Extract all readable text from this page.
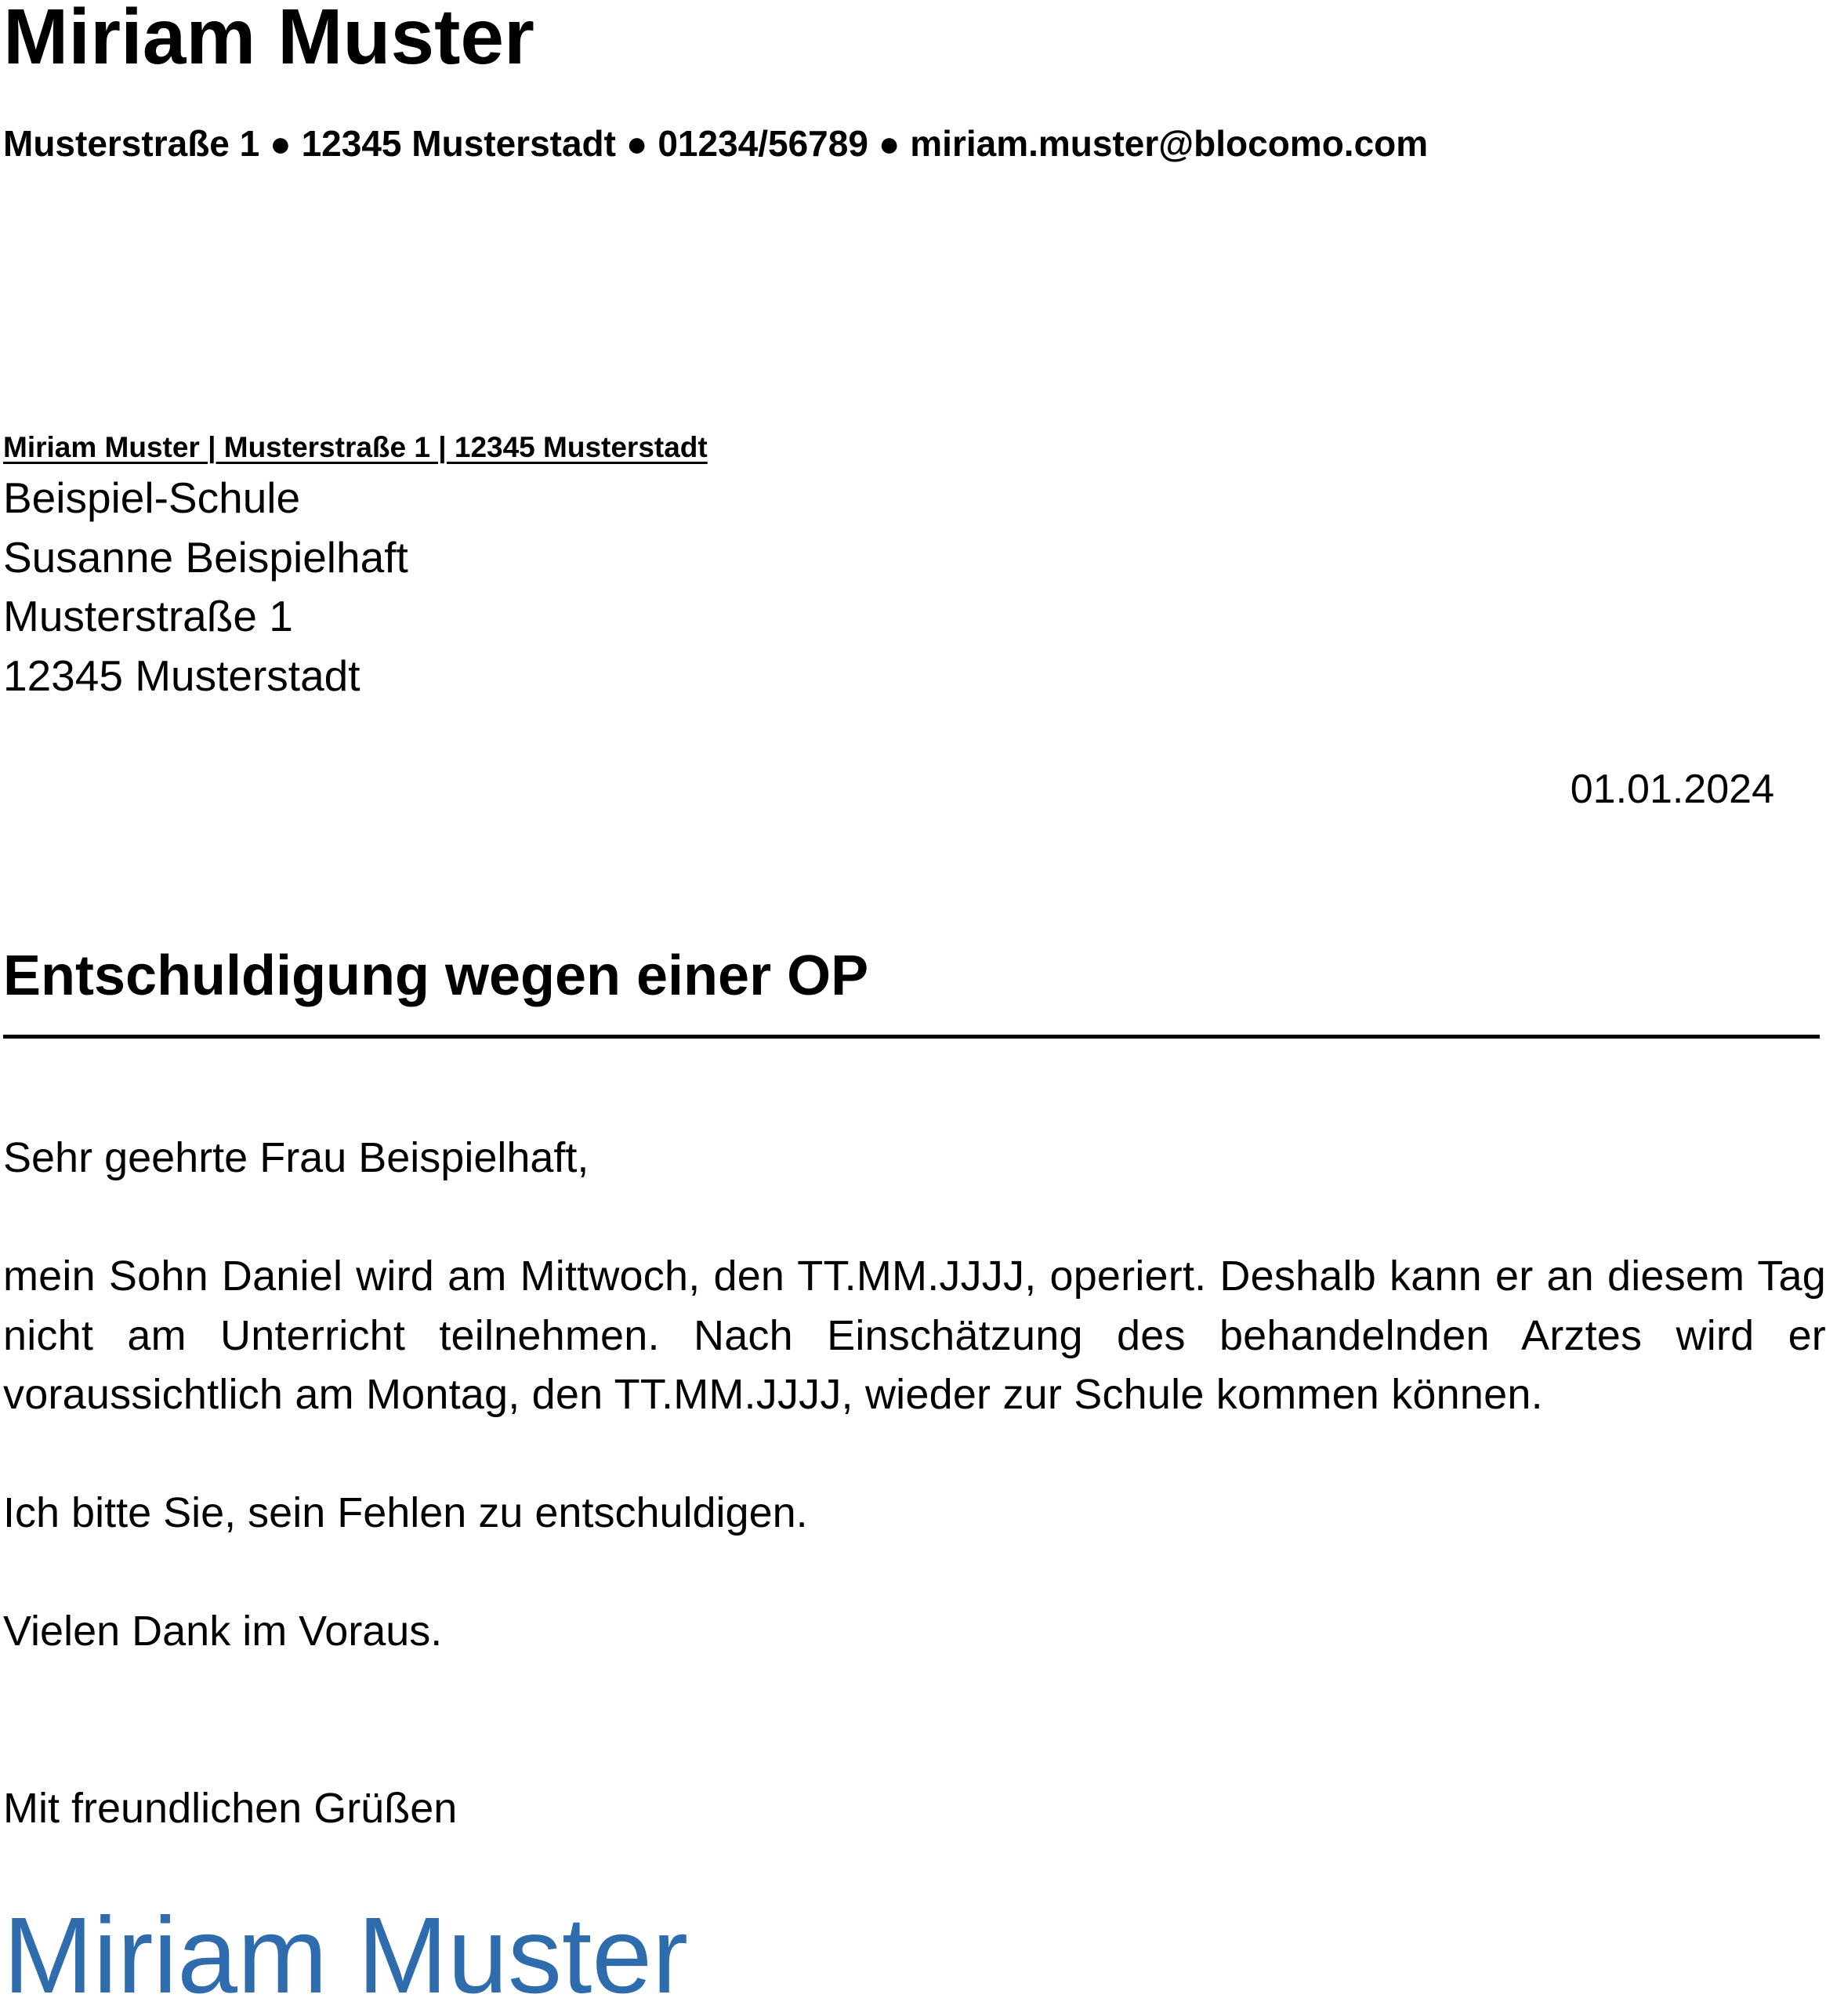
Miriam Muster
Musterstraße 1 ● 12345 Musterstadt ● 01234/56789 ● miriam.muster@blocomo.com
Miriam Muster | Musterstraße 1 | 12345 Musterstadt
Beispiel-Schule
Susanne Beispielhaft
Musterstraße 1
12345 Musterstadt
01.01.2024
Entschuldigung wegen einer OP
Sehr geehrte Frau Beispielhaft,
mein Sohn Daniel wird am Mittwoch, den TT.MM.JJJJ, operiert. Deshalb kann er an diesem Tag nicht am Unterricht teilnehmen. Nach Einschätzung des behandelnden Arztes wird er voraussichtlich am Montag, den TT.MM.JJJJ, wieder zur Schule kommen können.
Ich bitte Sie, sein Fehlen zu entschuldigen.
Vielen Dank im Voraus.
Mit freundlichen Grüßen
Miriam Muster
